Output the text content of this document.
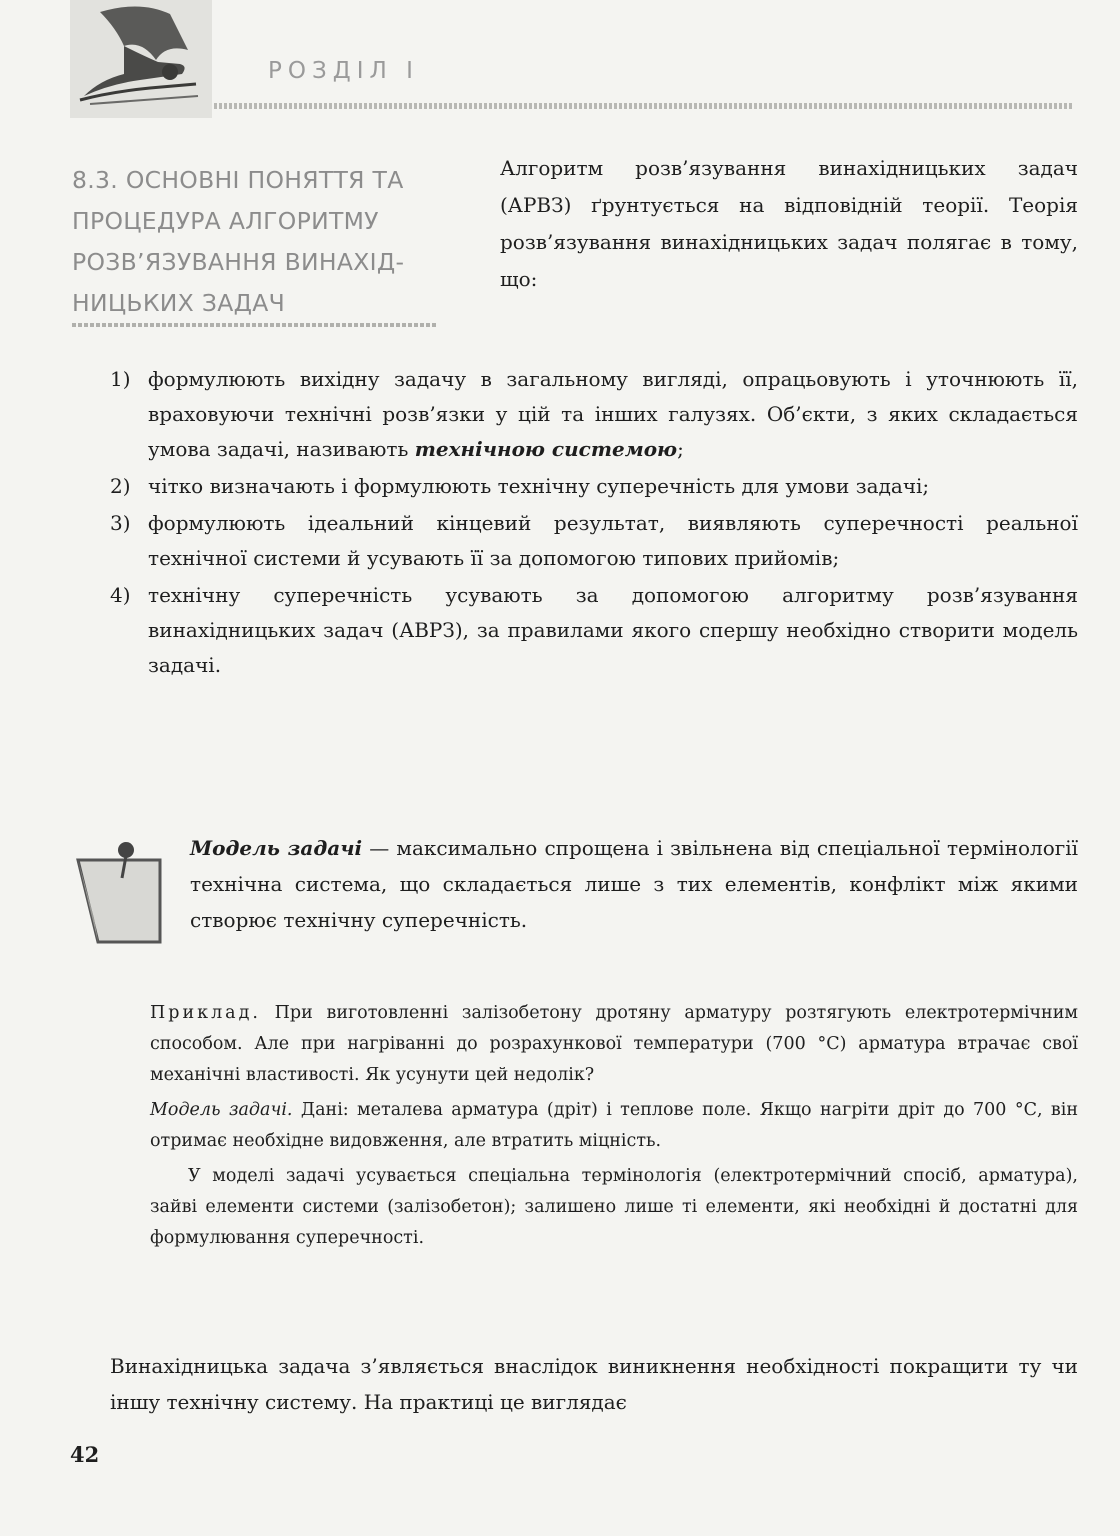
РОЗДІЛ І
8.3. ОСНОВНІ ПОНЯТТЯ ТА ПРОЦЕДУРА АЛГОРИТМУ РОЗВ’ЯЗУВАННЯ ВИНАХІД- НИЦЬКИХ ЗАДАЧ

Алгоритм розв’язування винахідницьких задач (АРВЗ) ґрунтується на відповідній теорії. Теорія розв’язування винахідницьких задач полягає в тому, що:

1) формулюють вихідну задачу в загальному вигляді, опрацьовують і уточнюють її, враховуючи технічні розв’язки у цій та інших галузях. Об’єкти, з яких складається умова задачі, називають технічною системою;
2) чітко визначають і формулюють технічну суперечність для умови задачі;
3) формулюють ідеальний кінцевий результат, виявляють суперечності реальної технічної системи й усувають її за допомогою типових прийомів;
4) технічну суперечність усувають за допомогою алгоритму розв’язування винахідницьких задач (АВРЗ), за правилами якого спершу необхідно створити модель задачі.

Модель задачі — максимально спрощена і звільнена від спеціальної термінології технічна система, що складається лише з тих елементів, конфлікт між якими створює технічну суперечність.

Приклад. При виготовленні залізобетону дротяну арматуру розтягують електротермічним способом. Але при нагріванні до розрахункової температури (700 °С) арматура втрачає свої механічні властивості. Як усунути цей недолік?

Модель задачі. Дані: металева арматура (дріт) і теплове поле. Якщо нагріти дріт до 700 °С, він отримає необхідне видовження, але втратить міцність.

У моделі задачі усувається спеціальна термінологія (електротермічний спосіб, арматура), зайві елементи системи (залізобетон); залишено лише ті елементи, які необхідні й достатні для формулювання суперечності.

Винахідницька задача з’являється внаслідок виникнення необхідності покращити ту чи іншу технічну систему. На практиці це виглядає

42
